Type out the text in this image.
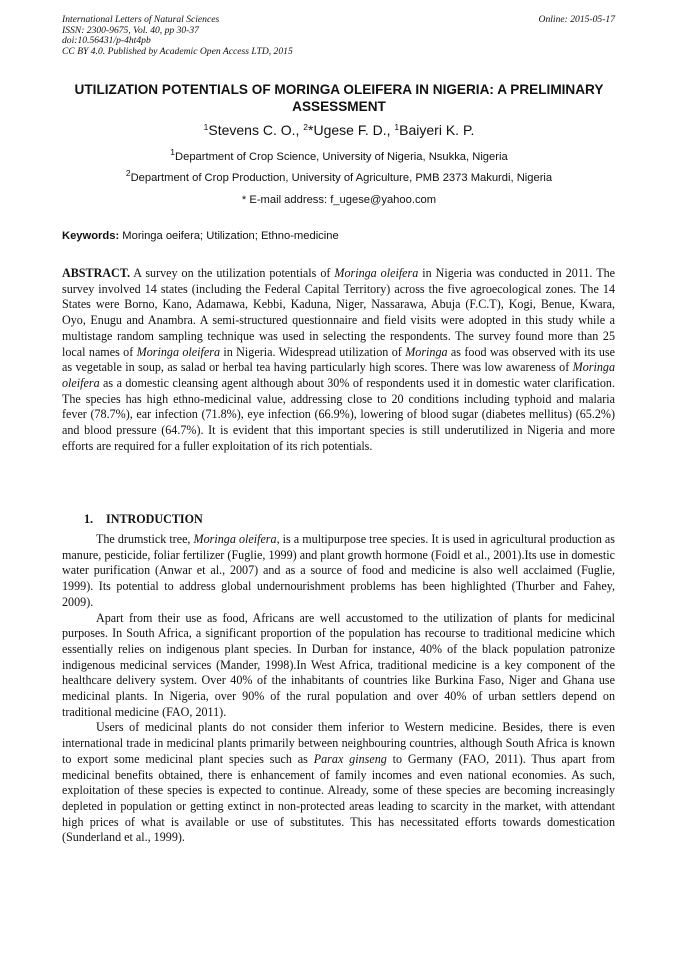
International Letters of Natural Sciences
ISSN: 2300-9675, Vol. 40, pp 30-37
doi:10.56431/p-4ht4pb
CC BY 4.0. Published by Academic Open Access LTD, 2015
Online: 2015-05-17
UTILIZATION POTENTIALS OF MORINGA OLEIFERA IN NIGERIA: A PRELIMINARY ASSESSMENT
$^1$Stevens C. O., $^2$*Ugese F. D., $^1$Baiyeri K. P.
$^1$Department of Crop Science, University of Nigeria, Nsukka, Nigeria
$^2$Department of Crop Production, University of Agriculture, PMB 2373 Makurdi, Nigeria
* E-mail address: f_ugese@yahoo.com
Keywords: Moringa oeifera; Utilization; Ethno-medicine
ABSTRACT. A survey on the utilization potentials of Moringa oleifera in Nigeria was conducted in 2011. The survey involved 14 states (including the Federal Capital Territory) across the five agroecological zones. The 14 States were Borno, Kano, Adamawa, Kebbi, Kaduna, Niger, Nassarawa, Abuja (F.C.T), Kogi, Benue, Kwara, Oyo, Enugu and Anambra. A semi-structured questionnaire and field visits were adopted in this study while a multistage random sampling technique was used in selecting the respondents. The survey found more than 25 local names of Moringa oleifera in Nigeria. Widespread utilization of Moringa as food was observed with its use as vegetable in soup, as salad or herbal tea having particularly high scores. There was low awareness of Moringa oleifera as a domestic cleansing agent although about 30% of respondents used it in domestic water clarification. The species has high ethno-medicinal value, addressing close to 20 conditions including typhoid and malaria fever (78.7%), ear infection (71.8%), eye infection (66.9%), lowering of blood sugar (diabetes mellitus) (65.2%) and blood pressure (64.7%). It is evident that this important species is still underutilized in Nigeria and more efforts are required for a fuller exploitation of its rich potentials.
1. INTRODUCTION

The drumstick tree, Moringa oleifera, is a multipurpose tree species. It is used in agricultural production as manure, pesticide, foliar fertilizer (Fuglie, 1999) and plant growth hormone (Foidl et al., 2001).Its use in domestic water purification (Anwar et al., 2007) and as a source of food and medicine is also well acclaimed (Fuglie, 1999). Its potential to address global undernourishment problems has been highlighted (Thurber and Fahey, 2009).

Apart from their use as food, Africans are well accustomed to the utilization of plants for medicinal purposes. In South Africa, a significant proportion of the population has recourse to traditional medicine which essentially relies on indigenous plant species. In Durban for instance, 40% of the black population patronize indigenous medicinal services (Mander, 1998).In West Africa, traditional medicine is a key component of the healthcare delivery system. Over 40% of the inhabitants of countries like Burkina Faso, Niger and Ghana use medicinal plants. In Nigeria, over 90% of the rural population and over 40% of urban settlers depend on traditional medicine (FAO, 2011).

Users of medicinal plants do not consider them inferior to Western medicine. Besides, there is even international trade in medicinal plants primarily between neighbouring countries, although South Africa is known to export some medicinal plant species such as Parax ginseng to Germany (FAO, 2011). Thus apart from medicinal benefits obtained, there is enhancement of family incomes and even national economies. As such, exploitation of these species is expected to continue. Already, some of these species are becoming increasingly depleted in population or getting extinct in non-protected areas leading to scarcity in the market, with attendant high prices of what is available or use of substitutes. This has necessitated efforts towards domestication (Sunderland et al., 1999).
